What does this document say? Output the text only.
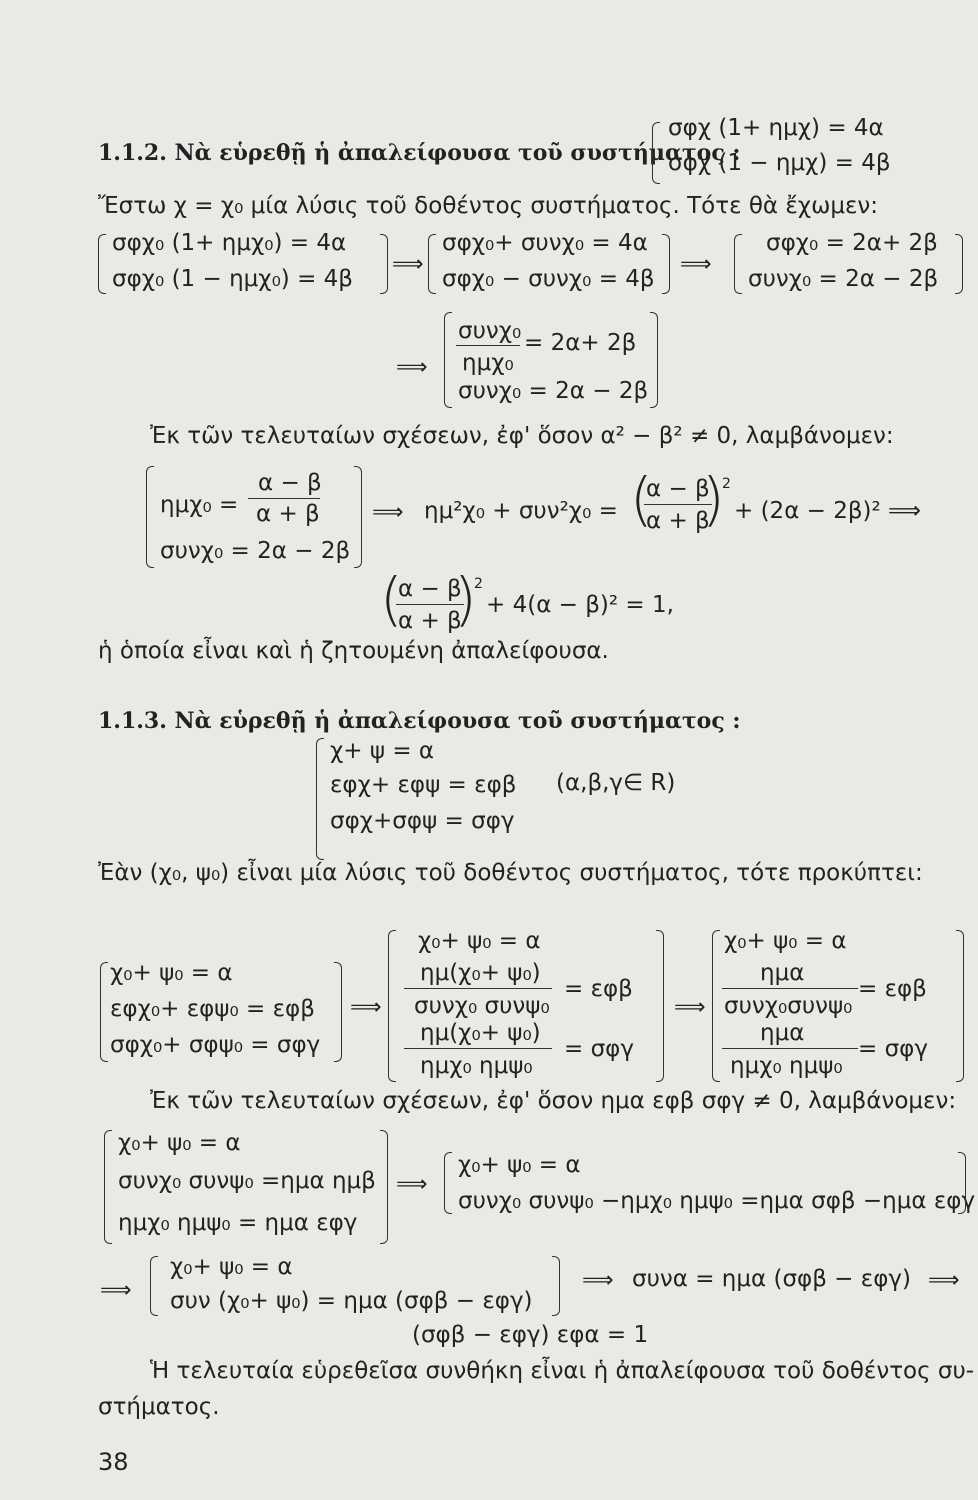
1.1.2. Νὰ εὑρεθῇ ἡ ἀπαλείφουσα τοῦ συστήματος :
σφχ (1+ ημχ) = 4α
σφχ (1 − ημχ) = 4β
Ἔστω χ = χ₀ μία λύσις τοῦ δοθέντος συστήματος. Τότε θὰ ἔχωμεν:
σφχ₀ (1+ ημχ₀) = 4α
σφχ₀ (1 − ημχ₀) = 4β
⟹
σφχ₀+ συνχ₀ = 4α
σφχ₀ − συνχ₀ = 4β
⟹
σφχ₀ = 2α+ 2β
συνχ₀ = 2α − 2β
⟹
συνχ₀
ημχ₀
= 2α+ 2β
συνχ₀ = 2α − 2β
Ἐκ τῶν τελευταίων σχέσεων, ἐφ' ὅσον α² − β² ≠ 0, λαμβάνομεν:
ημχ₀ =
α − β
α + β
συνχ₀ = 2α − 2β
⟹ ημ²χ₀ + συν²χ₀ = (
α − β
α + β
)
2
+ (2α − 2β)² ⟹
(
α − β
α + β
)
2
+ 4(α − β)² = 1,
ἡ ὁποία εἶναι καὶ ἡ ζητουμένη ἀπαλείφουσα.
1.1.3. Νὰ εὑρεθῇ ἡ ἀπαλείφουσα τοῦ συστήματος :
χ+ ψ = α
εφχ+ εφψ = εφβ (α,β,γ∈ R)
σφχ+σφψ = σφγ
Ἐὰν (χ₀, ψ₀) εἶναι μία λύσις τοῦ δοθέντος συστήματος, τότε προκύπτει:
χ₀+ ψ₀ = α
εφχ₀+ εφψ₀ = εφβ
σφχ₀+ σφψ₀ = σφγ
⟹
χ₀+ ψ₀ = α
ημ(χ₀+ ψ₀)
συνχ₀ συνψ₀
= εφβ
ημ(χ₀+ ψ₀)
ημχ₀ ημψ₀
= σφγ
⟹
χ₀+ ψ₀ = α
ημα
συνχ₀συνψ₀
= εφβ
ημα
ημχ₀ ημψ₀
= σφγ
Ἐκ τῶν τελευταίων σχέσεων, ἐφ' ὅσον ημα εφβ σφγ ≠ 0, λαμβάνομεν:
χ₀+ ψ₀ = α
συνχ₀ συνψ₀ =ημα ημβ
ημχ₀ ημψ₀ = ημα εφγ
⟹
χ₀+ ψ₀ = α
συνχ₀ συνψ₀ −ημχ₀ ημψ₀ =ημα σφβ −ημα εφγ
⟹
χ₀+ ψ₀ = α
συν (χ₀+ ψ₀) = ημα (σφβ − εφγ)
⟹ συνα = ημα (σφβ − εφγ) ⟹
(σφβ − εφγ) εφα = 1
Ἡ τελευταία εὑρεθεῖσα συνθήκη εἶναι ἡ ἀπαλείφουσα τοῦ δοθέντος συ-
στήματος.
38
